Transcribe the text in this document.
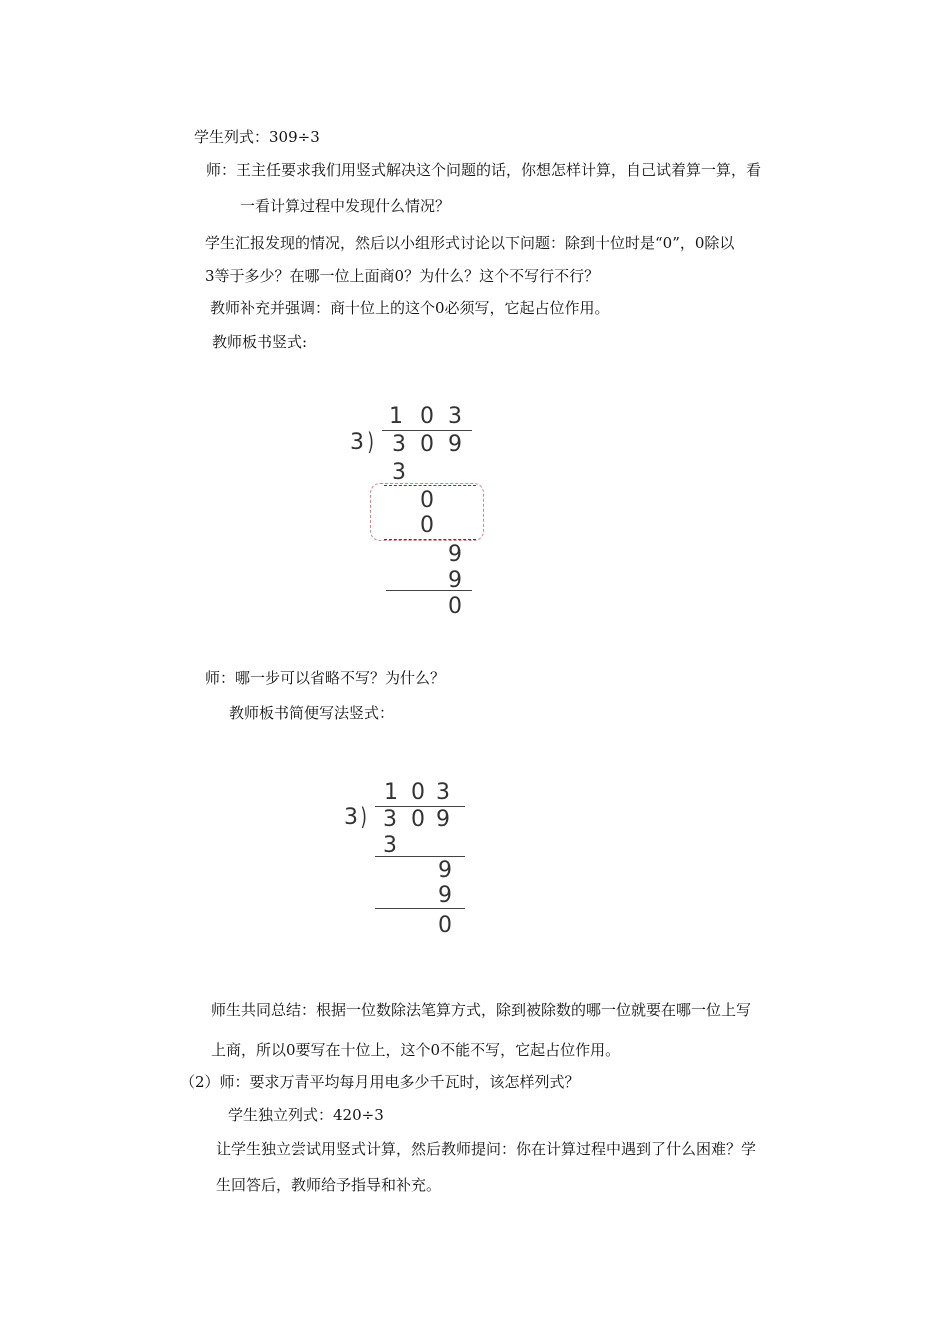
学生列式：309÷3
师：王主任要求我们用竖式解决这个问题的话，你想怎样计算，自己试着算一算，看
一看计算过程中发现什么情况？
学生汇报发现的情况，然后以小组形式讨论以下问题：除到十位时是“0”，0除以
3等于多少？在哪一位上面商0？为什么？这个不写行不行？
教师补充并强调：商十位上的这个0必须写，它起占位作用。
教师板书竖式:
1 0 3
3 ) 3 0 9
3
0
0
9
9
0
师：哪一步可以省略不写？为什么？
教师板书简便写法竖式：
1 0 3
3 ) 3 0 9
3
9
9
0
师生共同总结：根据一位数除法笔算方式，除到被除数的哪一位就要在哪一位上写
上商，所以0要写在十位上，这个0不能不写，它起占位作用。
（2）师：要求万青平均每月用电多少千瓦时，该怎样列式？
学生独立列式：420÷3
让学生独立尝试用竖式计算，然后教师提问：你在计算过程中遇到了什么困难？学
生回答后，教师给予指导和补充。
